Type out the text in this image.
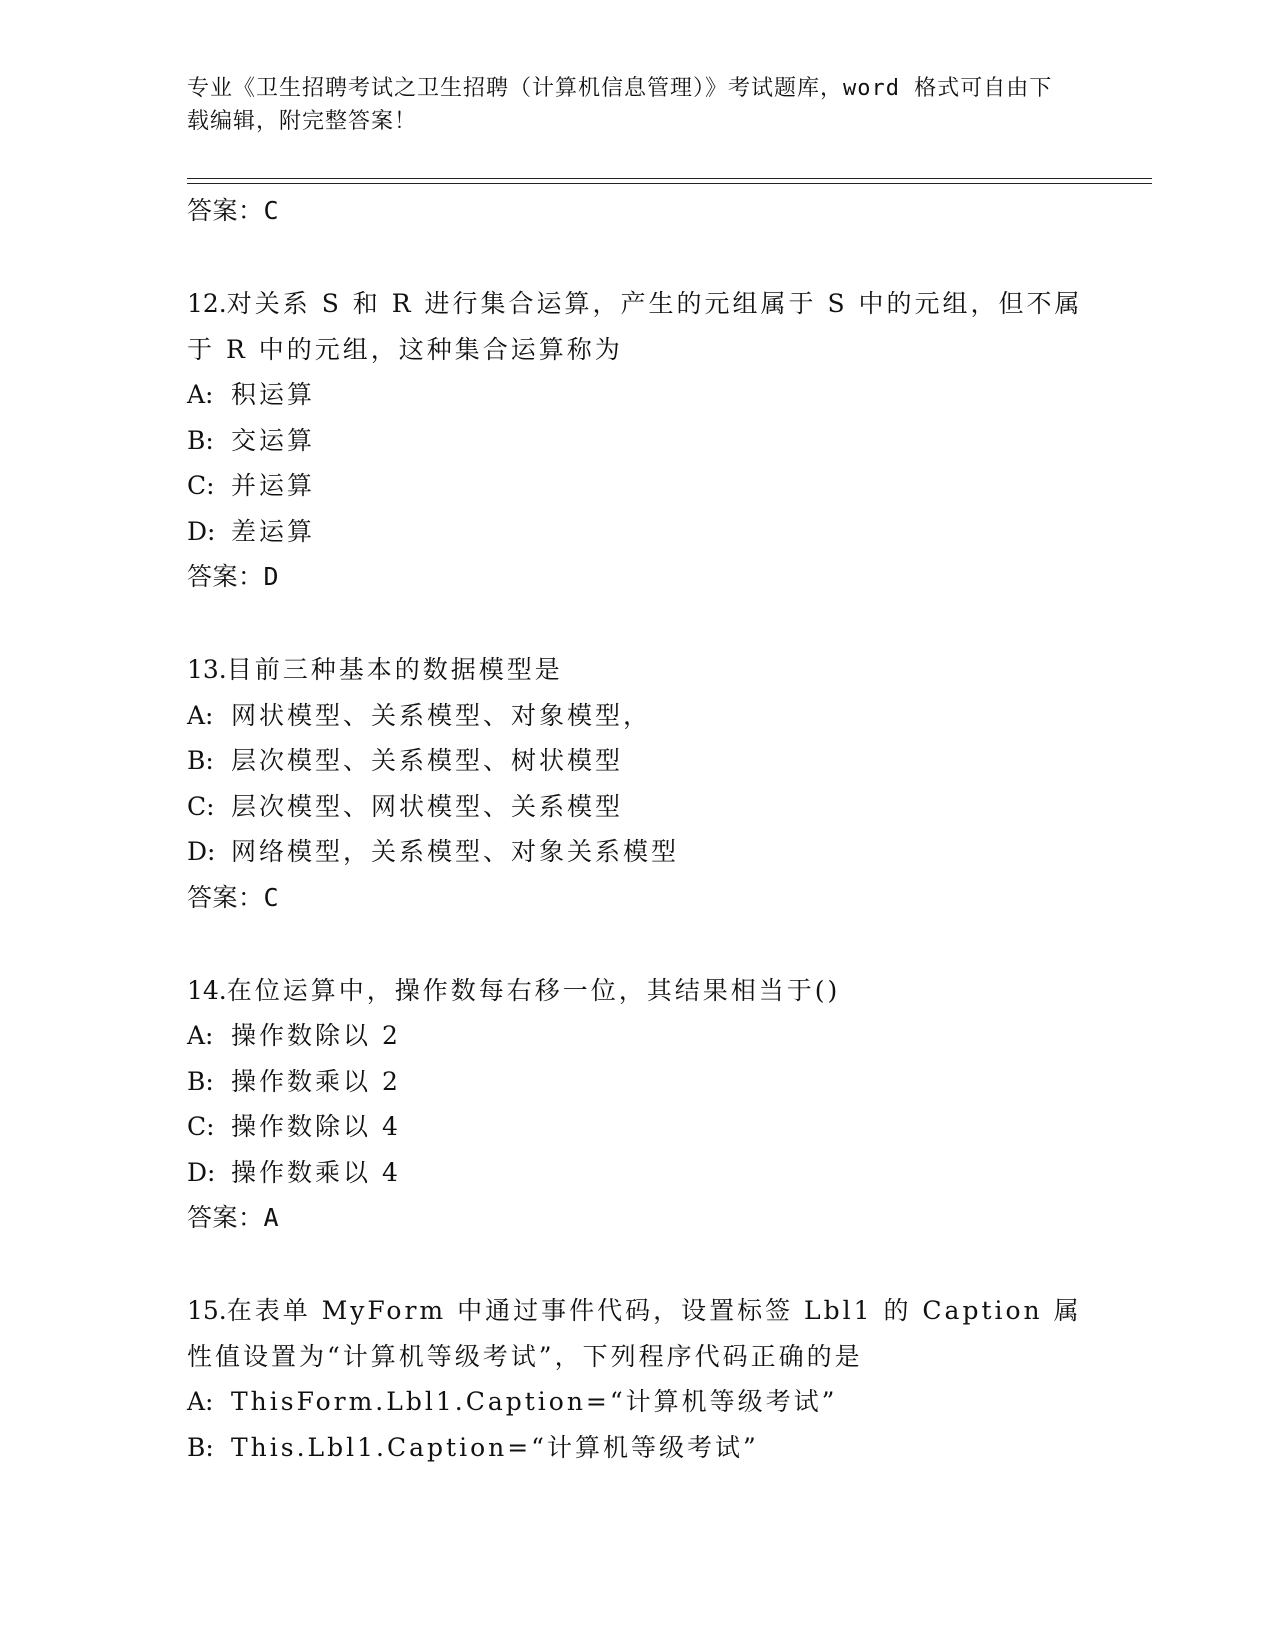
专业《卫生招聘考试之卫生招聘（计算机信息管理）》考试题库，word 格式可自由下载编辑，附完整答案！
答案：C
12.对关系 S 和 R 进行集合运算，产生的元组属于 S 中的元组，但不属于 R 中的元组，这种集合运算称为
A: 积运算
B: 交运算
C: 并运算
D: 差运算
答案：D
13.目前三种基本的数据模型是
A: 网状模型、关系模型、对象模型，
B: 层次模型、关系模型、树状模型
C: 层次模型、网状模型、关系模型
D: 网络模型，关系模型、对象关系模型
答案：C
14.在位运算中，操作数每右移一位，其结果相当于()
A: 操作数除以 2
B: 操作数乘以 2
C: 操作数除以 4
D: 操作数乘以 4
答案：A
15.在表单 MyForm 中通过事件代码，设置标签 Lbl1 的 Caption 属性值设置为“计算机等级考试”，下列程序代码正确的是
A: ThisForm.Lbl1.Caption=“计算机等级考试”
B: This.Lbl1.Caption=“计算机等级考试”
